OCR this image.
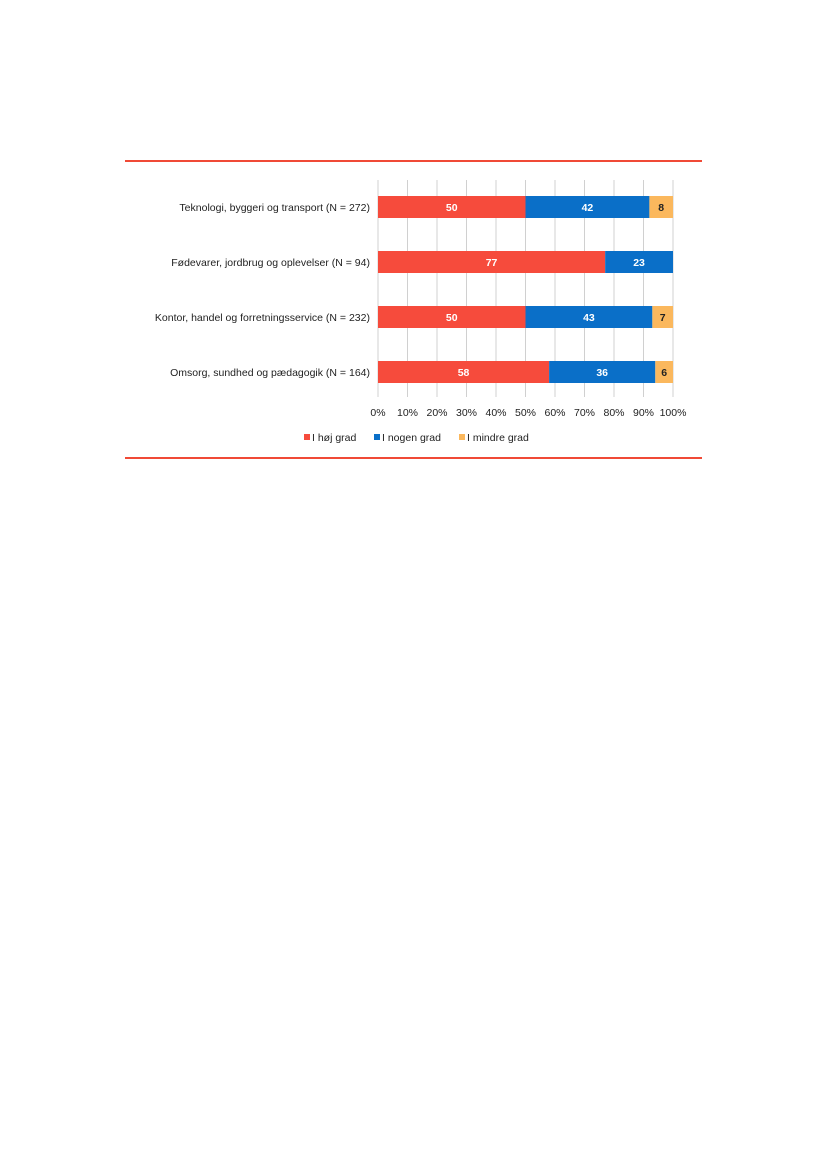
50	42	8
77	23
50	43	7
58	36	6
Teknologi, byggeri og transport (N = 272)
Fødevarer, jordbrug og oplevelser (N = 94)
Kontor, handel og forretningsservice (N = 232)
Omsorg, sundhed og pædagogik (N = 164)
0% 10% 20% 30% 40% 50% 60% 70% 80% 90% 100%
I høj grad I nogen grad I mindre grad
